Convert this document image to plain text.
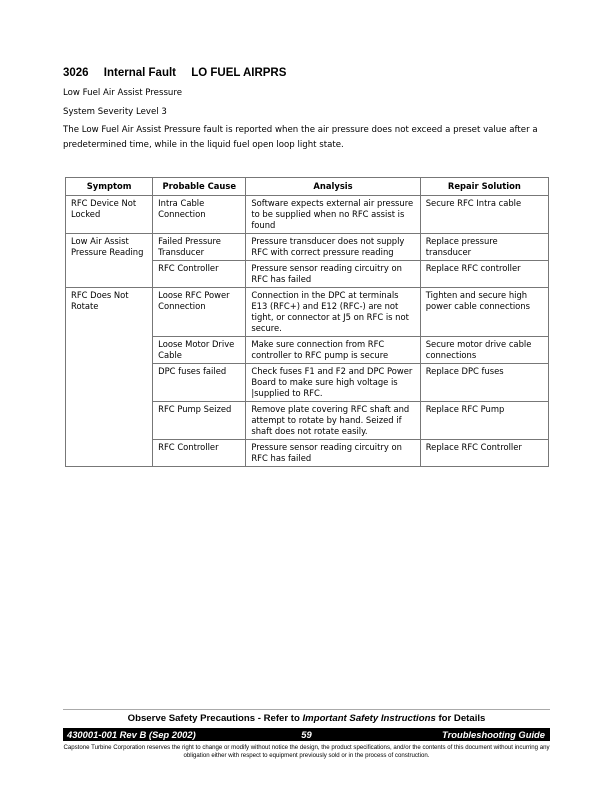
3026 Internal Fault LO FUEL AIRPRS
Low Fuel Air Assist Pressure
System Severity Level 3
The Low Fuel Air Assist Pressure fault is reported when the air pressure does not exceed a preset value after a predetermined time, while in the liquid fuel open loop light state.
Symptom	Probable Cause	Analysis	Repair Solution
RFC Device Not Locked	Intra Cable Connection	Software expects external air pressure to be supplied when no RFC assist is found	Secure RFC Intra cable
Low Air Assist Pressure Reading	Failed Pressure Transducer	Pressure transducer does not supply RFC with correct pressure reading	Replace pressure transducer
	RFC Controller	Pressure sensor reading circuitry on RFC has failed	Replace RFC controller
RFC Does Not Rotate	Loose RFC Power Connection	Connection in the DPC at terminals E13 (RFC+) and E12 (RFC-) are not tight, or connector at J5 on RFC is not secure.	Tighten and secure high power cable connections
	Loose Motor Drive Cable	Make sure connection from RFC controller to RFC pump is secure	Secure motor drive cable connections
	DPC fuses failed	Check fuses F1 and F2 and DPC Power Board to make sure high voltage is |supplied to RFC.	Replace DPC fuses
	RFC Pump Seized	Remove plate covering RFC shaft and attempt to rotate by hand. Seized if shaft does not rotate easily.	Replace RFC Pump
	RFC Controller	Pressure sensor reading circuitry on RFC has failed	Replace RFC Controller
Observe Safety Precautions - Refer to Important Safety Instructions for Details
430001-001 Rev B (Sep 2002)	59	Troubleshooting Guide
Capstone Turbine Corporation reserves the right to change or modify without notice the design, the product specifications, and/or the contents of this document without incurring any obligation either with respect to equipment previously sold or in the process of construction.
